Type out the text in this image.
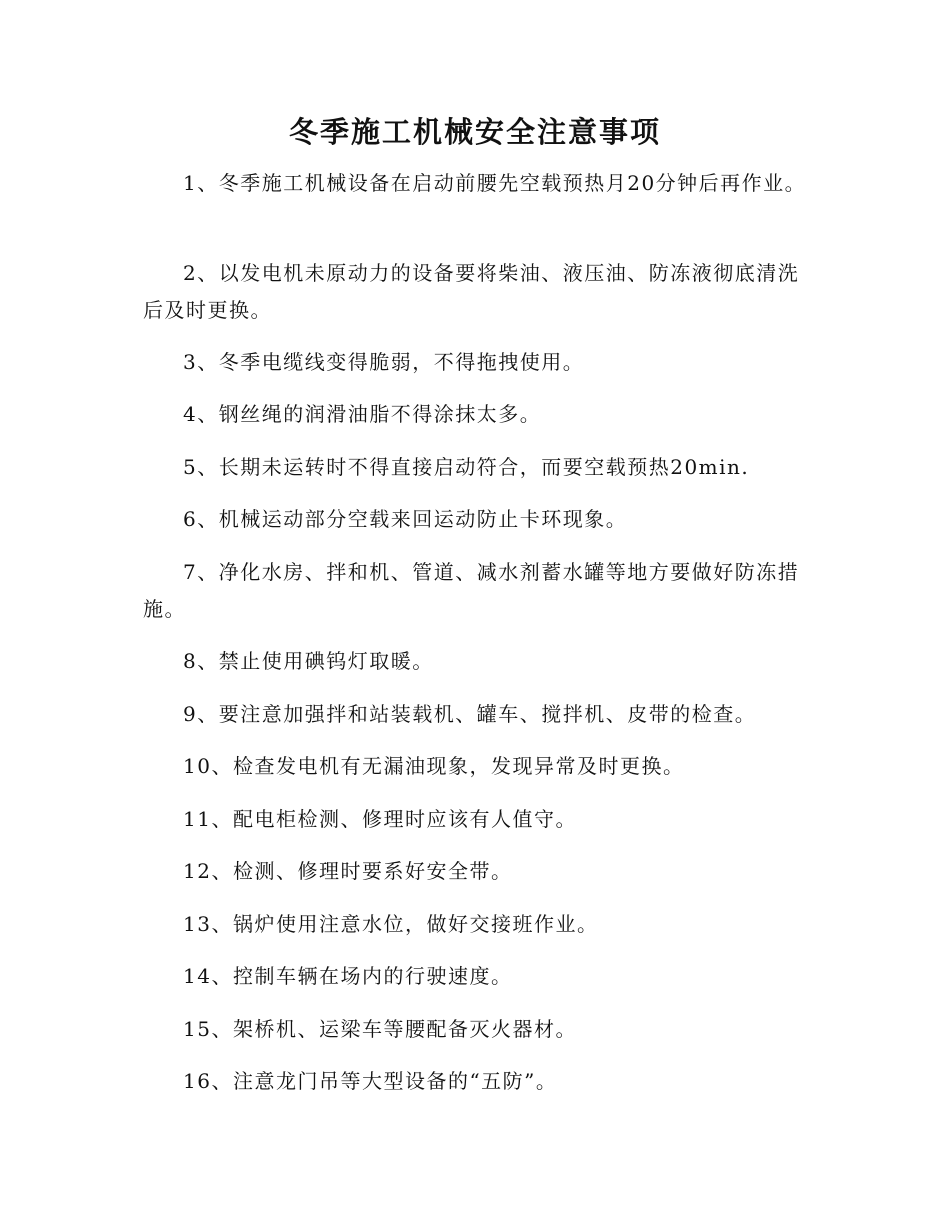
冬季施工机械安全注意事项

1、冬季施工机械设备在启动前腰先空载预热月20分钟后再作业。

2、以发电机未原动力的设备要将柴油、液压油、防冻液彻底清洗后及时更换。

3、冬季电缆线变得脆弱，不得拖拽使用。

4、钢丝绳的润滑油脂不得涂抹太多。

5、长期未运转时不得直接启动符合，而要空载预热20min.

6、机械运动部分空载来回运动防止卡环现象。

7、净化水房、拌和机、管道、减水剂蓄水罐等地方要做好防冻措施。

8、禁止使用碘钨灯取暖。

9、要注意加强拌和站装载机、罐车、搅拌机、皮带的检查。

10、检查发电机有无漏油现象，发现异常及时更换。

11、配电柜检测、修理时应该有人值守。

12、检测、修理时要系好安全带。

13、锅炉使用注意水位，做好交接班作业。

14、控制车辆在场内的行驶速度。

15、架桥机、运梁车等腰配备灭火器材。

16、注意龙门吊等大型设备的“五防”。
